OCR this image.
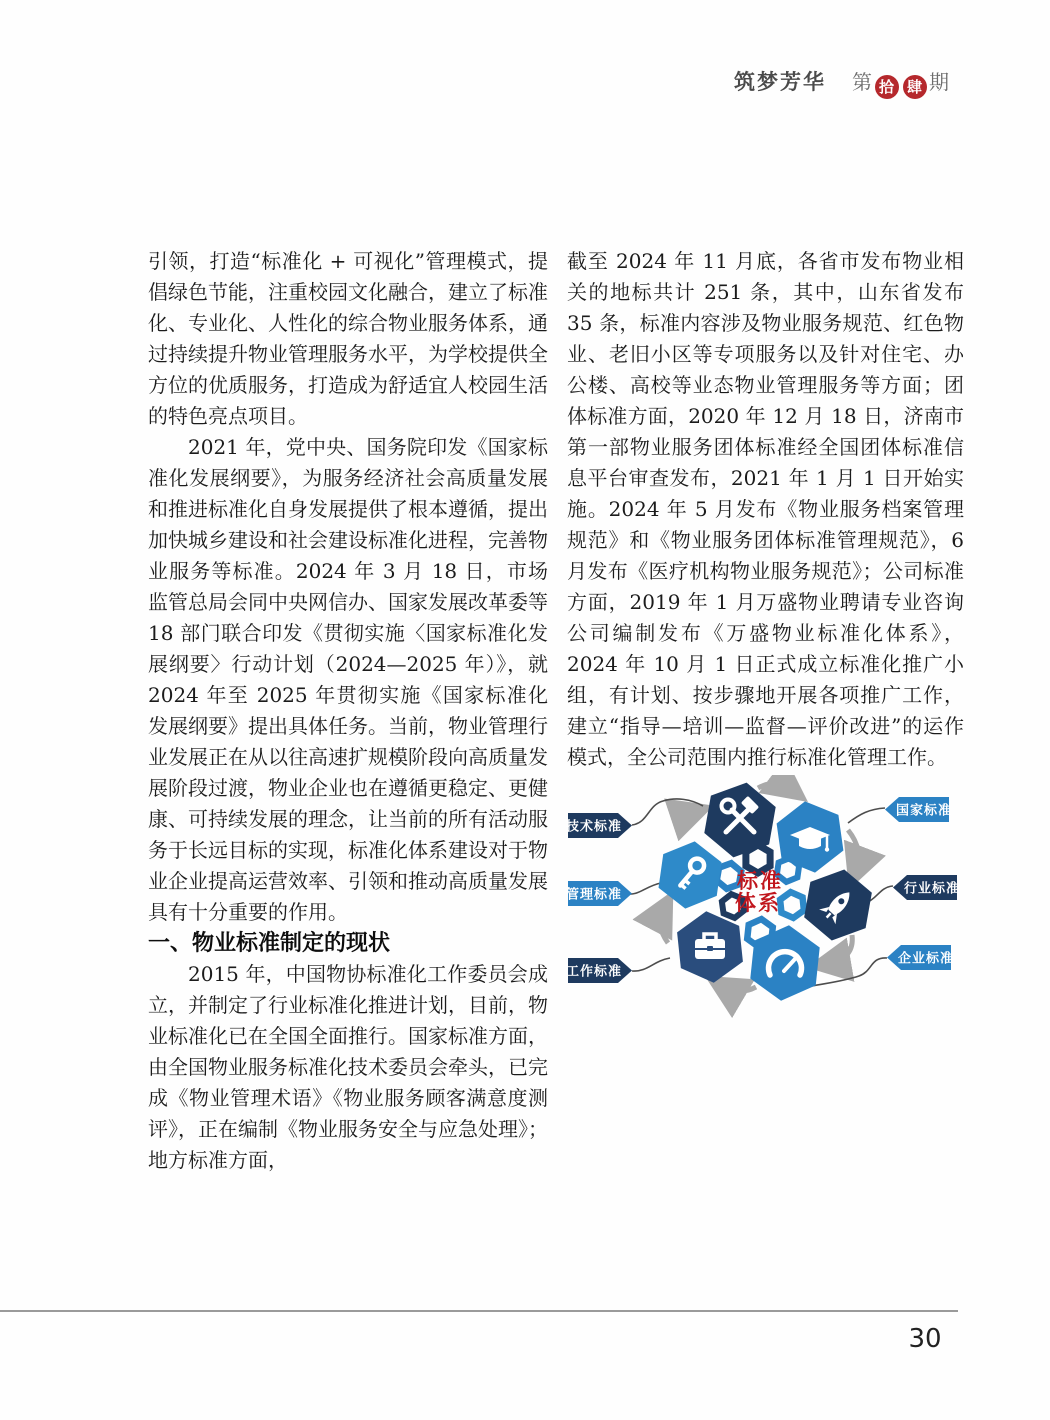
筑梦芳华 第 拾 肆 期

引领，打造“标准化 + 可视化”管理模式，提倡绿色节能，注重校园文化融合，建立了标准化、专业化、人性化的综合物业服务体系，通过持续提升物业管理服务水平，为学校提供全方位的优质服务，打造成为舒适宜人校园生活的特色亮点项目。

2021 年，党中央、国务院印发《国家标准化发展纲要》，为服务经济社会高质量发展和推进标准化自身发展提供了根本遵循，提出加快城乡建设和社会建设标准化进程，完善物业服务等标准。2024 年 3 月 18 日，市场监管总局会同中央网信办、国家发展改革委等 18 部门联合印发《贯彻实施〈国家标准化发展纲要〉行动计划（2024—2025 年）》，就 2024 年至 2025 年贯彻实施《国家标准化发展纲要》提出具体任务。当前，物业管理行业发展正在从以往高速扩规模阶段向高质量发展阶段过渡，物业企业也在遵循更稳定、更健康、可持续发展的理念，让当前的所有活动服务于长远目标的实现，标准化体系建设对于物业企业提高运营效率、引领和推动高质量发展具有十分重要的作用。

一、物业标准制定的现状

2015 年，中国物协标准化工作委员会成立，并制定了行业标准化推进计划，目前，物业标准化已在全国全面推行。国家标准方面，由全国物业服务标准化技术委员会牵头，已完成《物业管理术语》《物业服务顾客满意度测评》，正在编制《物业服务安全与应急处理》；地方标准方面，

截至 2024 年 11 月底，各省市发布物业相关的地标共计 251 条，其中，山东省发布 35 条，标准内容涉及物业服务规范、红色物业、老旧小区等专项服务以及针对住宅、办公楼、高校等业态物业管理服务等方面；团体标准方面，2020 年 12 月 18 日，济南市第一部物业服务团体标准经全国团体标准信息平台审查发布，2021 年 1 月 1 日开始实施。2024 年 5 月发布《物业服务档案管理规范》和《物业服务团体标准管理规范》，6 月发布《医疗机构物业服务规范》；公司标准方面，2019 年 1 月万盛物业聘请专业咨询公司编制发布《万盛物业标准化体系》，2024 年 10 月 1 日正式成立标准化推广小组，有计划、按步骤地开展各项推广工作，建立“指导—培训—监督—评价改进”的运作模式，全公司范围内推行标准化管理工作。

标准
体系
技术标准
管理标准
工作标准
国家标准
行业标准
企业标准
30
